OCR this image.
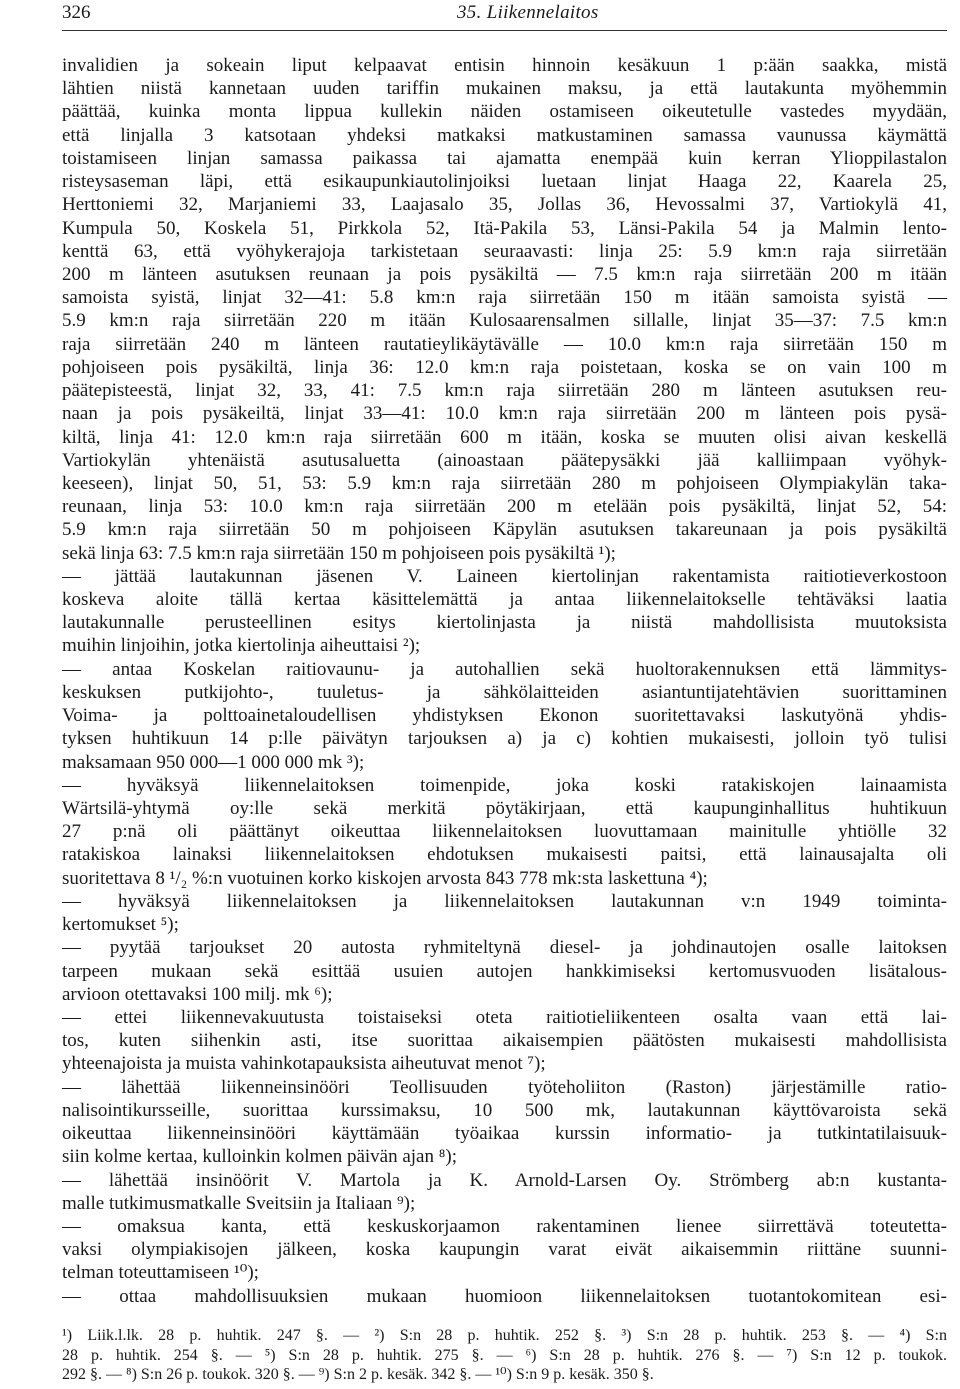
326	35. Liikennelaitos
invalidien ja sokeain liput kelpaavat entisin hinnoin kesäkuun 1 p:ään saakka, mistä
lähtien niistä kannetaan uuden tariffin mukainen maksu, ja että lautakunta myöhemmin
päättää, kuinka monta lippua kullekin näiden ostamiseen oikeutetulle vastedes myydään,
että linjalla 3 katsotaan yhdeksi matkaksi matkustaminen samassa vaunussa käymättä
toistamiseen linjan samassa paikassa tai ajamatta enempää kuin kerran Ylioppilastalon
risteysaseman läpi, että esikaupunkiautolinjoiksi luetaan linjat Haaga 22, Kaarela 25,
Herttoniemi 32, Marjaniemi 33, Laajasalo 35, Jollas 36, Hevossalmi 37, Vartiokylä 41,
Kumpula 50, Koskela 51, Pirkkola 52, Itä-Pakila 53, Länsi-Pakila 54 ja Malmin lento-
kenttä 63, että vyöhykerajoja tarkistetaan seuraavasti: linja 25: 5.9 km:n raja siirretään
200 m länteen asutuksen reunaan ja pois pysäkiltä — 7.5 km:n raja siirretään 200 m itään
samoista syistä, linjat 32—41: 5.8 km:n raja siirretään 150 m itään samoista syistä —
5.9 km:n raja siirretään 220 m itään Kulosaarensalmen sillalle, linjat 35—37: 7.5 km:n
raja siirretään 240 m länteen rautatieylikäytävälle — 10.0 km:n raja siirretään 150 m
pohjoiseen pois pysäkiltä, linja 36: 12.0 km:n raja poistetaan, koska se on vain 100 m
päätepisteestä, linjat 32, 33, 41: 7.5 km:n raja siirretään 280 m länteen asutuksen reu-
naan ja pois pysäkeiltä, linjat 33—41: 10.0 km:n raja siirretään 200 m länteen pois pysä-
kiltä, linja 41: 12.0 km:n raja siirretään 600 m itään, koska se muuten olisi aivan keskellä
Vartiokylän yhtenäistä asutusaluetta (ainoastaan päätepysäkki jää kalliimpaan vyöhyk-
keeseen), linjat 50, 51, 53: 5.9 km:n raja siirretään 280 m pohjoiseen Olympiakylän taka-
reunaan, linja 53: 10.0 km:n raja siirretään 200 m etelään pois pysäkiltä, linjat 52, 54:
5.9 km:n raja siirretään 50 m pohjoiseen Käpylän asutuksen takareunaan ja pois pysäkiltä
sekä linja 63: 7.5 km:n raja siirretään 150 m pohjoiseen pois pysäkiltä ¹);
— jättää lautakunnan jäsenen V. Laineen kiertolinjan rakentamista raitiotieverkostoon
koskeva aloite tällä kertaa käsittelemättä ja antaa liikennelaitokselle tehtäväksi laatia
lautakunnalle perusteellinen esitys kiertolinjasta ja niistä mahdollisista muutoksista
muihin linjoihin, jotka kiertolinja aiheuttaisi ²);
— antaa Koskelan raitiovaunu- ja autohallien sekä huoltorakennuksen että lämmitys-
keskuksen putkijohto-, tuuletus- ja sähkölaitteiden asiantuntijatehtävien suorittaminen
Voima- ja polttoainetaloudellisen yhdistyksen Ekonon suoritettavaksi laskutyönä yhdis-
tyksen huhtikuun 14 p:lle päivätyn tarjouksen a) ja c) kohtien mukaisesti, jolloin työ tulisi
maksamaan 950 000—1 000 000 mk ³);
— hyväksyä liikennelaitoksen toimenpide, joka koski ratakiskojen lainaamista
Wärtsilä-yhtymä oy:lle sekä merkitä pöytäkirjaan, että kaupunginhallitus huhtikuun
27 p:nä oli päättänyt oikeuttaa liikennelaitoksen luovuttamaan mainitulle yhtiölle 32
ratakiskoa lainaksi liikennelaitoksen ehdotuksen mukaisesti paitsi, että lainausajalta oli
suoritettava 8 ¹/₂ %:n vuotuinen korko kiskojen arvosta 843 778 mk:sta laskettuna ⁴);
— hyväksyä liikennelaitoksen ja liikennelaitoksen lautakunnan v:n 1949 toiminta-
kertomukset ⁵);
— pyytää tarjoukset 20 autosta ryhmiteltynä diesel- ja johdinautojen osalle laitoksen
tarpeen mukaan sekä esittää usuien autojen hankkimiseksi kertomusvuoden lisätalous-
arvioon otettavaksi 100 milj. mk ⁶);
— ettei liikennevakuutusta toistaiseksi oteta raitiotieliikenteen osalta vaan että lai-
tos, kuten siihenkin asti, itse suorittaa aikaisempien päätösten mukaisesti mahdollisista
yhteenajoista ja muista vahinkotapauksista aiheutuvat menot ⁷);
— lähettää liikenneinsinööri Teollisuuden työteholiiton (Raston) järjestämille ratio-
nalisointikursseille, suorittaa kurssimaksu, 10 500 mk, lautakunnan käyttövaroista sekä
oikeuttaa liikenneinsinööri käyttämään työaikaa kurssin informatio- ja tutkintatilaisuuk-
siin kolme kertaa, kulloinkin kolmen päivän ajan ⁸);
— lähettää insinöörit V. Martola ja K. Arnold-Larsen Oy. Strömberg ab:n kustanta-
malle tutkimusmatkalle Sveitsiin ja Italiaan ⁹);
— omaksua kanta, että keskuskorjaamon rakentaminen lienee siirrettävä toteutetta-
vaksi olympiakisojen jälkeen, koska kaupungin varat eivät aikaisemmin riittäne suunni-
telman toteuttamiseen ¹⁰);
— ottaa mahdollisuuksien mukaan huomioon liikennelaitoksen tuotantokomitean esi-
¹) Liik.l.lk. 28 p. huhtik. 247 §. — ²) S:n 28 p. huhtik. 252 §. ³) S:n 28 p. huhtik. 253 §. — ⁴) S:n
28 p. huhtik. 254 §. — ⁵) S:n 28 p. huhtik. 275 §. — ⁶) S:n 28 p. huhtik. 276 §. — ⁷) S:n 12 p. toukok.
292 §. — ⁸) S:n 26 p. toukok. 320 §. — ⁹) S:n 2 p. kesäk. 342 §. — ¹⁰) S:n 9 p. kesäk. 350 §.
